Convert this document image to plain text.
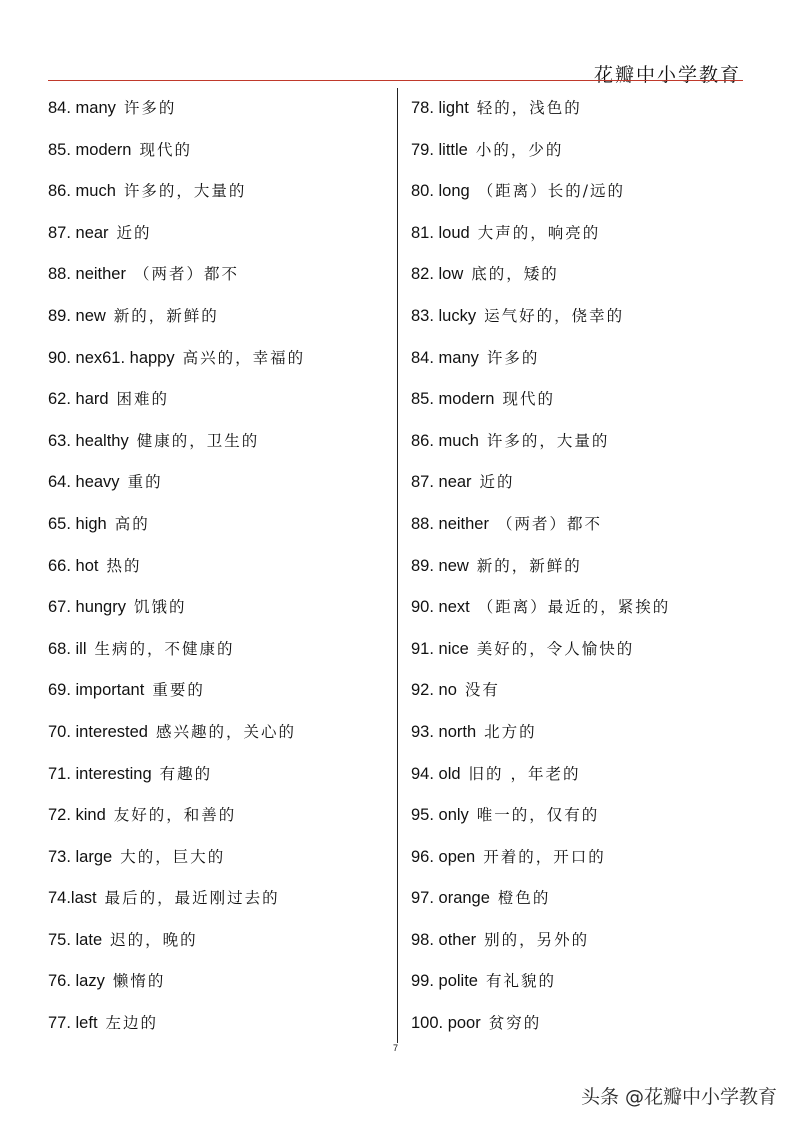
花瓣中小学教育
84. many 许多的
85. modern 现代的
86. much 许多的，大量的
87. near 近的
88. neither （两者）都不
89. new 新的，新鲜的
90. nex61. happy 高兴的，幸福的
62. hard 困难的
63. healthy 健康的，卫生的
64. heavy 重的
65. high 高的
66. hot 热的
67. hungry 饥饿的
68. ill 生病的，不健康的
69. important 重要的
70. interested 感兴趣的，关心的
71. interesting 有趣的
72. kind 友好的，和善的
73. large 大的，巨大的
74.last 最后的，最近刚过去的
75. late 迟的，晚的
76. lazy 懒惰的
77. left 左边的
78. light 轻的，浅色的
79. little 小的，少的
80. long （距离）长的/远的
81. loud 大声的，响亮的
82. low 底的，矮的
83. lucky 运气好的，侥幸的
84. many 许多的
85. modern 现代的
86. much 许多的，大量的
87. near 近的
88. neither （两者）都不
89. new 新的，新鲜的
90. next （距离）最近的，紧挨的
91. nice 美好的，令人愉快的
92. no 没有
93. north 北方的
94. old 旧的 ，年老的
95. only 唯一的，仅有的
96. open 开着的，开口的
97. orange 橙色的
98. other 别的，另外的
99. polite 有礼貌的
100. poor 贫穷的
7
头条 @花瓣中小学教育
